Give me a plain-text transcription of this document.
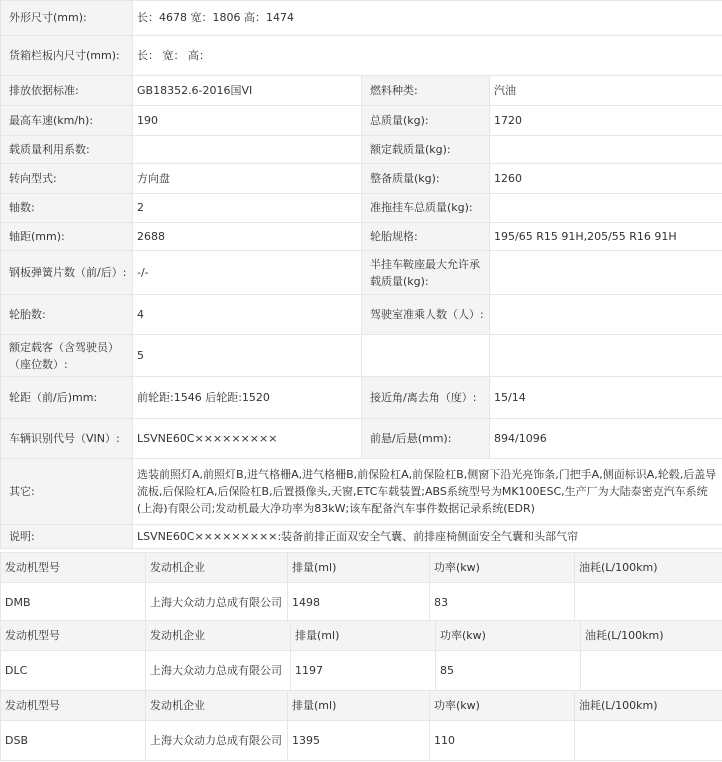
外形尺寸(mm):	长：4678 宽：1806 高：1474		
货箱栏板内尺寸(mm):	长： 宽： 高：		
排放依据标准:	GB18352.6-2016国VI	燃料种类:	汽油
最高车速(km/h):	190	总质量(kg):	1720
载质量利用系数:		额定载质量(kg):	
转向型式:	方向盘	整备质量(kg):	1260
轴数:	2	准拖挂车总质量(kg):	
轴距(mm):	2688	轮胎规格:	195/65 R15 91H,205/55 R16 91H
钢板弹簧片数（前/后）:	-/-	半挂车鞍座最大允许承载质量(kg):	
轮胎数:	4	驾驶室准乘人数（人）:	
额定载客（含驾驶员）（座位数）:	5		
轮距（前/后)mm:	前轮距:1546 后轮距:1520	接近角/离去角（度）:	15/14
车辆识别代号（VIN）:	LSVNE60C×××××××××	前悬/后悬(mm):	894/1096
其它:	选装前照灯A,前照灯B,进气格栅A,进气格栅B,前保险杠A,前保险杠B,侧窗下沿光亮饰条,门把手A,侧面标识A,轮毂,后盖导流板,后保险杠A,后保险杠B,后置摄像头,天窗,ETC车载装置;ABS系统型号为MK100ESC,生产厂为大陆泰密克汽车系统(上海)有限公司;发动机最大净功率为83kW;该车配备汽车事件数据记录系统(EDR)		
说明:	LSVNE60C×××××××××:装备前排正面双安全气囊、前排座椅侧面安全气囊和头部气帘		
发动机型号	发动机企业	排量(ml)	功率(kw)	油耗(L/100km)
DMB	上海大众动力总成有限公司	1498	83	
发动机型号	发动机企业	排量(ml)	功率(kw)	油耗(L/100km)
DLC	上海大众动力总成有限公司	1197	85	
发动机型号	发动机企业	排量(ml)	功率(kw)	油耗(L/100km)
DSB	上海大众动力总成有限公司	1395	110	
